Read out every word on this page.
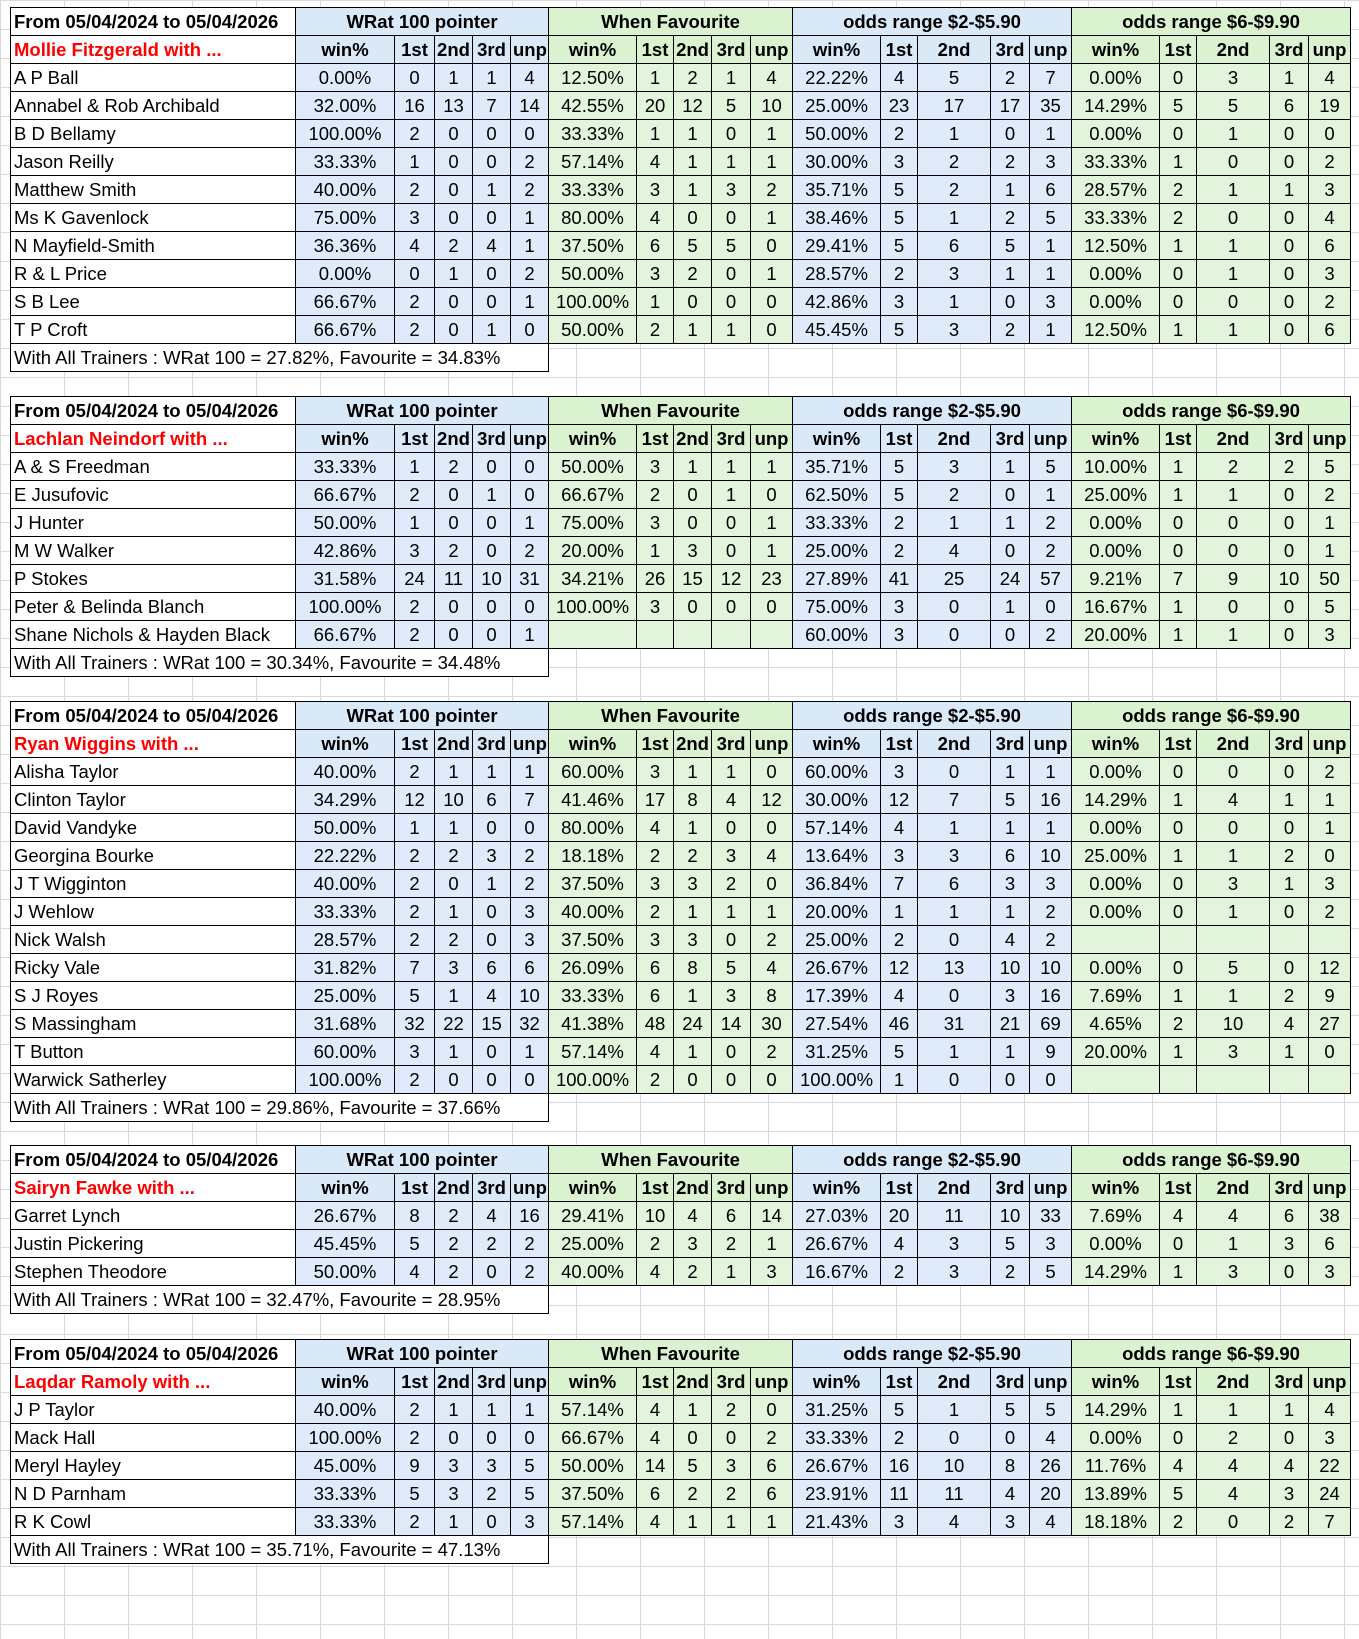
From 05/04/2024 to 05/04/2026	WRat 100 pointer					When Favourite					odds range $2-$5.90					odds range $6-$9.90				
Mollie Fitzgerald with ...	win%	1st	2nd	3rd	unp	win%	1st	2nd	3rd	unp	win%	1st	2nd	3rd	unp	win%	1st	2nd	3rd	unp
A P Ball	0.00%	0	1	1	4	12.50%	1	2	1	4	22.22%	4	5	2	7	0.00%	0	3	1	4
Annabel & Rob Archibald	32.00%	16	13	7	14	42.55%	20	12	5	10	25.00%	23	17	17	35	14.29%	5	5	6	19
B D Bellamy	100.00%	2	0	0	0	33.33%	1	1	0	1	50.00%	2	1	0	1	0.00%	0	1	0	0
Jason Reilly	33.33%	1	0	0	2	57.14%	4	1	1	1	30.00%	3	2	2	3	33.33%	1	0	0	2
Matthew Smith	40.00%	2	0	1	2	33.33%	3	1	3	2	35.71%	5	2	1	6	28.57%	2	1	1	3
Ms K Gavenlock	75.00%	3	0	0	1	80.00%	4	0	0	1	38.46%	5	1	2	5	33.33%	2	0	0	4
N Mayfield-Smith	36.36%	4	2	4	1	37.50%	6	5	5	0	29.41%	5	6	5	1	12.50%	1	1	0	6
R & L Price	0.00%	0	1	0	2	50.00%	3	2	0	1	28.57%	2	3	1	1	0.00%	0	1	0	3
S B Lee	66.67%	2	0	0	1	100.00%	1	0	0	0	42.86%	3	1	0	3	0.00%	0	0	0	2
T P Croft	66.67%	2	0	1	0	50.00%	2	1	1	0	45.45%	5	3	2	1	12.50%	1	1	0	6
With All Trainers : WRat 100 = 27.82%, Favourite = 34.83%																				
From 05/04/2024 to 05/04/2026	WRat 100 pointer					When Favourite					odds range $2-$5.90					odds range $6-$9.90				
Lachlan Neindorf with ...	win%	1st	2nd	3rd	unp	win%	1st	2nd	3rd	unp	win%	1st	2nd	3rd	unp	win%	1st	2nd	3rd	unp
A & S Freedman	33.33%	1	2	0	0	50.00%	3	1	1	1	35.71%	5	3	1	5	10.00%	1	2	2	5
E Jusufovic	66.67%	2	0	1	0	66.67%	2	0	1	0	62.50%	5	2	0	1	25.00%	1	1	0	2
J Hunter	50.00%	1	0	0	1	75.00%	3	0	0	1	33.33%	2	1	1	2	0.00%	0	0	0	1
M W Walker	42.86%	3	2	0	2	20.00%	1	3	0	1	25.00%	2	4	0	2	0.00%	0	0	0	1
P Stokes	31.58%	24	11	10	31	34.21%	26	15	12	23	27.89%	41	25	24	57	9.21%	7	9	10	50
Peter & Belinda Blanch	100.00%	2	0	0	0	100.00%	3	0	0	0	75.00%	3	0	1	0	16.67%	1	0	0	5
Shane Nichols & Hayden Black	66.67%	2	0	0	1						60.00%	3	0	0	2	20.00%	1	1	0	3
With All Trainers : WRat 100 = 30.34%, Favourite = 34.48%																				
From 05/04/2024 to 05/04/2026	WRat 100 pointer					When Favourite					odds range $2-$5.90					odds range $6-$9.90				
Ryan Wiggins with ...	win%	1st	2nd	3rd	unp	win%	1st	2nd	3rd	unp	win%	1st	2nd	3rd	unp	win%	1st	2nd	3rd	unp
Alisha Taylor	40.00%	2	1	1	1	60.00%	3	1	1	0	60.00%	3	0	1	1	0.00%	0	0	0	2
Clinton Taylor	34.29%	12	10	6	7	41.46%	17	8	4	12	30.00%	12	7	5	16	14.29%	1	4	1	1
David Vandyke	50.00%	1	1	0	0	80.00%	4	1	0	0	57.14%	4	1	1	1	0.00%	0	0	0	1
Georgina Bourke	22.22%	2	2	3	2	18.18%	2	2	3	4	13.64%	3	3	6	10	25.00%	1	1	2	0
J T Wigginton	40.00%	2	0	1	2	37.50%	3	3	2	0	36.84%	7	6	3	3	0.00%	0	3	1	3
J Wehlow	33.33%	2	1	0	3	40.00%	2	1	1	1	20.00%	1	1	1	2	0.00%	0	1	0	2
Nick Walsh	28.57%	2	2	0	3	37.50%	3	3	0	2	25.00%	2	0	4	2					
Ricky Vale	31.82%	7	3	6	6	26.09%	6	8	5	4	26.67%	12	13	10	10	0.00%	0	5	0	12
S J Royes	25.00%	5	1	4	10	33.33%	6	1	3	8	17.39%	4	0	3	16	7.69%	1	1	2	9
S Massingham	31.68%	32	22	15	32	41.38%	48	24	14	30	27.54%	46	31	21	69	4.65%	2	10	4	27
T Button	60.00%	3	1	0	1	57.14%	4	1	0	2	31.25%	5	1	1	9	20.00%	1	3	1	0
Warwick Satherley	100.00%	2	0	0	0	100.00%	2	0	0	0	100.00%	1	0	0	0					
With All Trainers : WRat 100 = 29.86%, Favourite = 37.66%																				
From 05/04/2024 to 05/04/2026	WRat 100 pointer					When Favourite					odds range $2-$5.90					odds range $6-$9.90				
Sairyn Fawke with ...	win%	1st	2nd	3rd	unp	win%	1st	2nd	3rd	unp	win%	1st	2nd	3rd	unp	win%	1st	2nd	3rd	unp
Garret Lynch	26.67%	8	2	4	16	29.41%	10	4	6	14	27.03%	20	11	10	33	7.69%	4	4	6	38
Justin Pickering	45.45%	5	2	2	2	25.00%	2	3	2	1	26.67%	4	3	5	3	0.00%	0	1	3	6
Stephen Theodore	50.00%	4	2	0	2	40.00%	4	2	1	3	16.67%	2	3	2	5	14.29%	1	3	0	3
With All Trainers : WRat 100 = 32.47%, Favourite = 28.95%																				
From 05/04/2024 to 05/04/2026	WRat 100 pointer					When Favourite					odds range $2-$5.90					odds range $6-$9.90				
Laqdar Ramoly with ...	win%	1st	2nd	3rd	unp	win%	1st	2nd	3rd	unp	win%	1st	2nd	3rd	unp	win%	1st	2nd	3rd	unp
J P Taylor	40.00%	2	1	1	1	57.14%	4	1	2	0	31.25%	5	1	5	5	14.29%	1	1	1	4
Mack Hall	100.00%	2	0	0	0	66.67%	4	0	0	2	33.33%	2	0	0	4	0.00%	0	2	0	3
Meryl Hayley	45.00%	9	3	3	5	50.00%	14	5	3	6	26.67%	16	10	8	26	11.76%	4	4	4	22
N D Parnham	33.33%	5	3	2	5	37.50%	6	2	2	6	23.91%	11	11	4	20	13.89%	5	4	3	24
R K Cowl	33.33%	2	1	0	3	57.14%	4	1	1	1	21.43%	3	4	3	4	18.18%	2	0	2	7
With All Trainers : WRat 100 = 35.71%, Favourite = 47.13%																				
